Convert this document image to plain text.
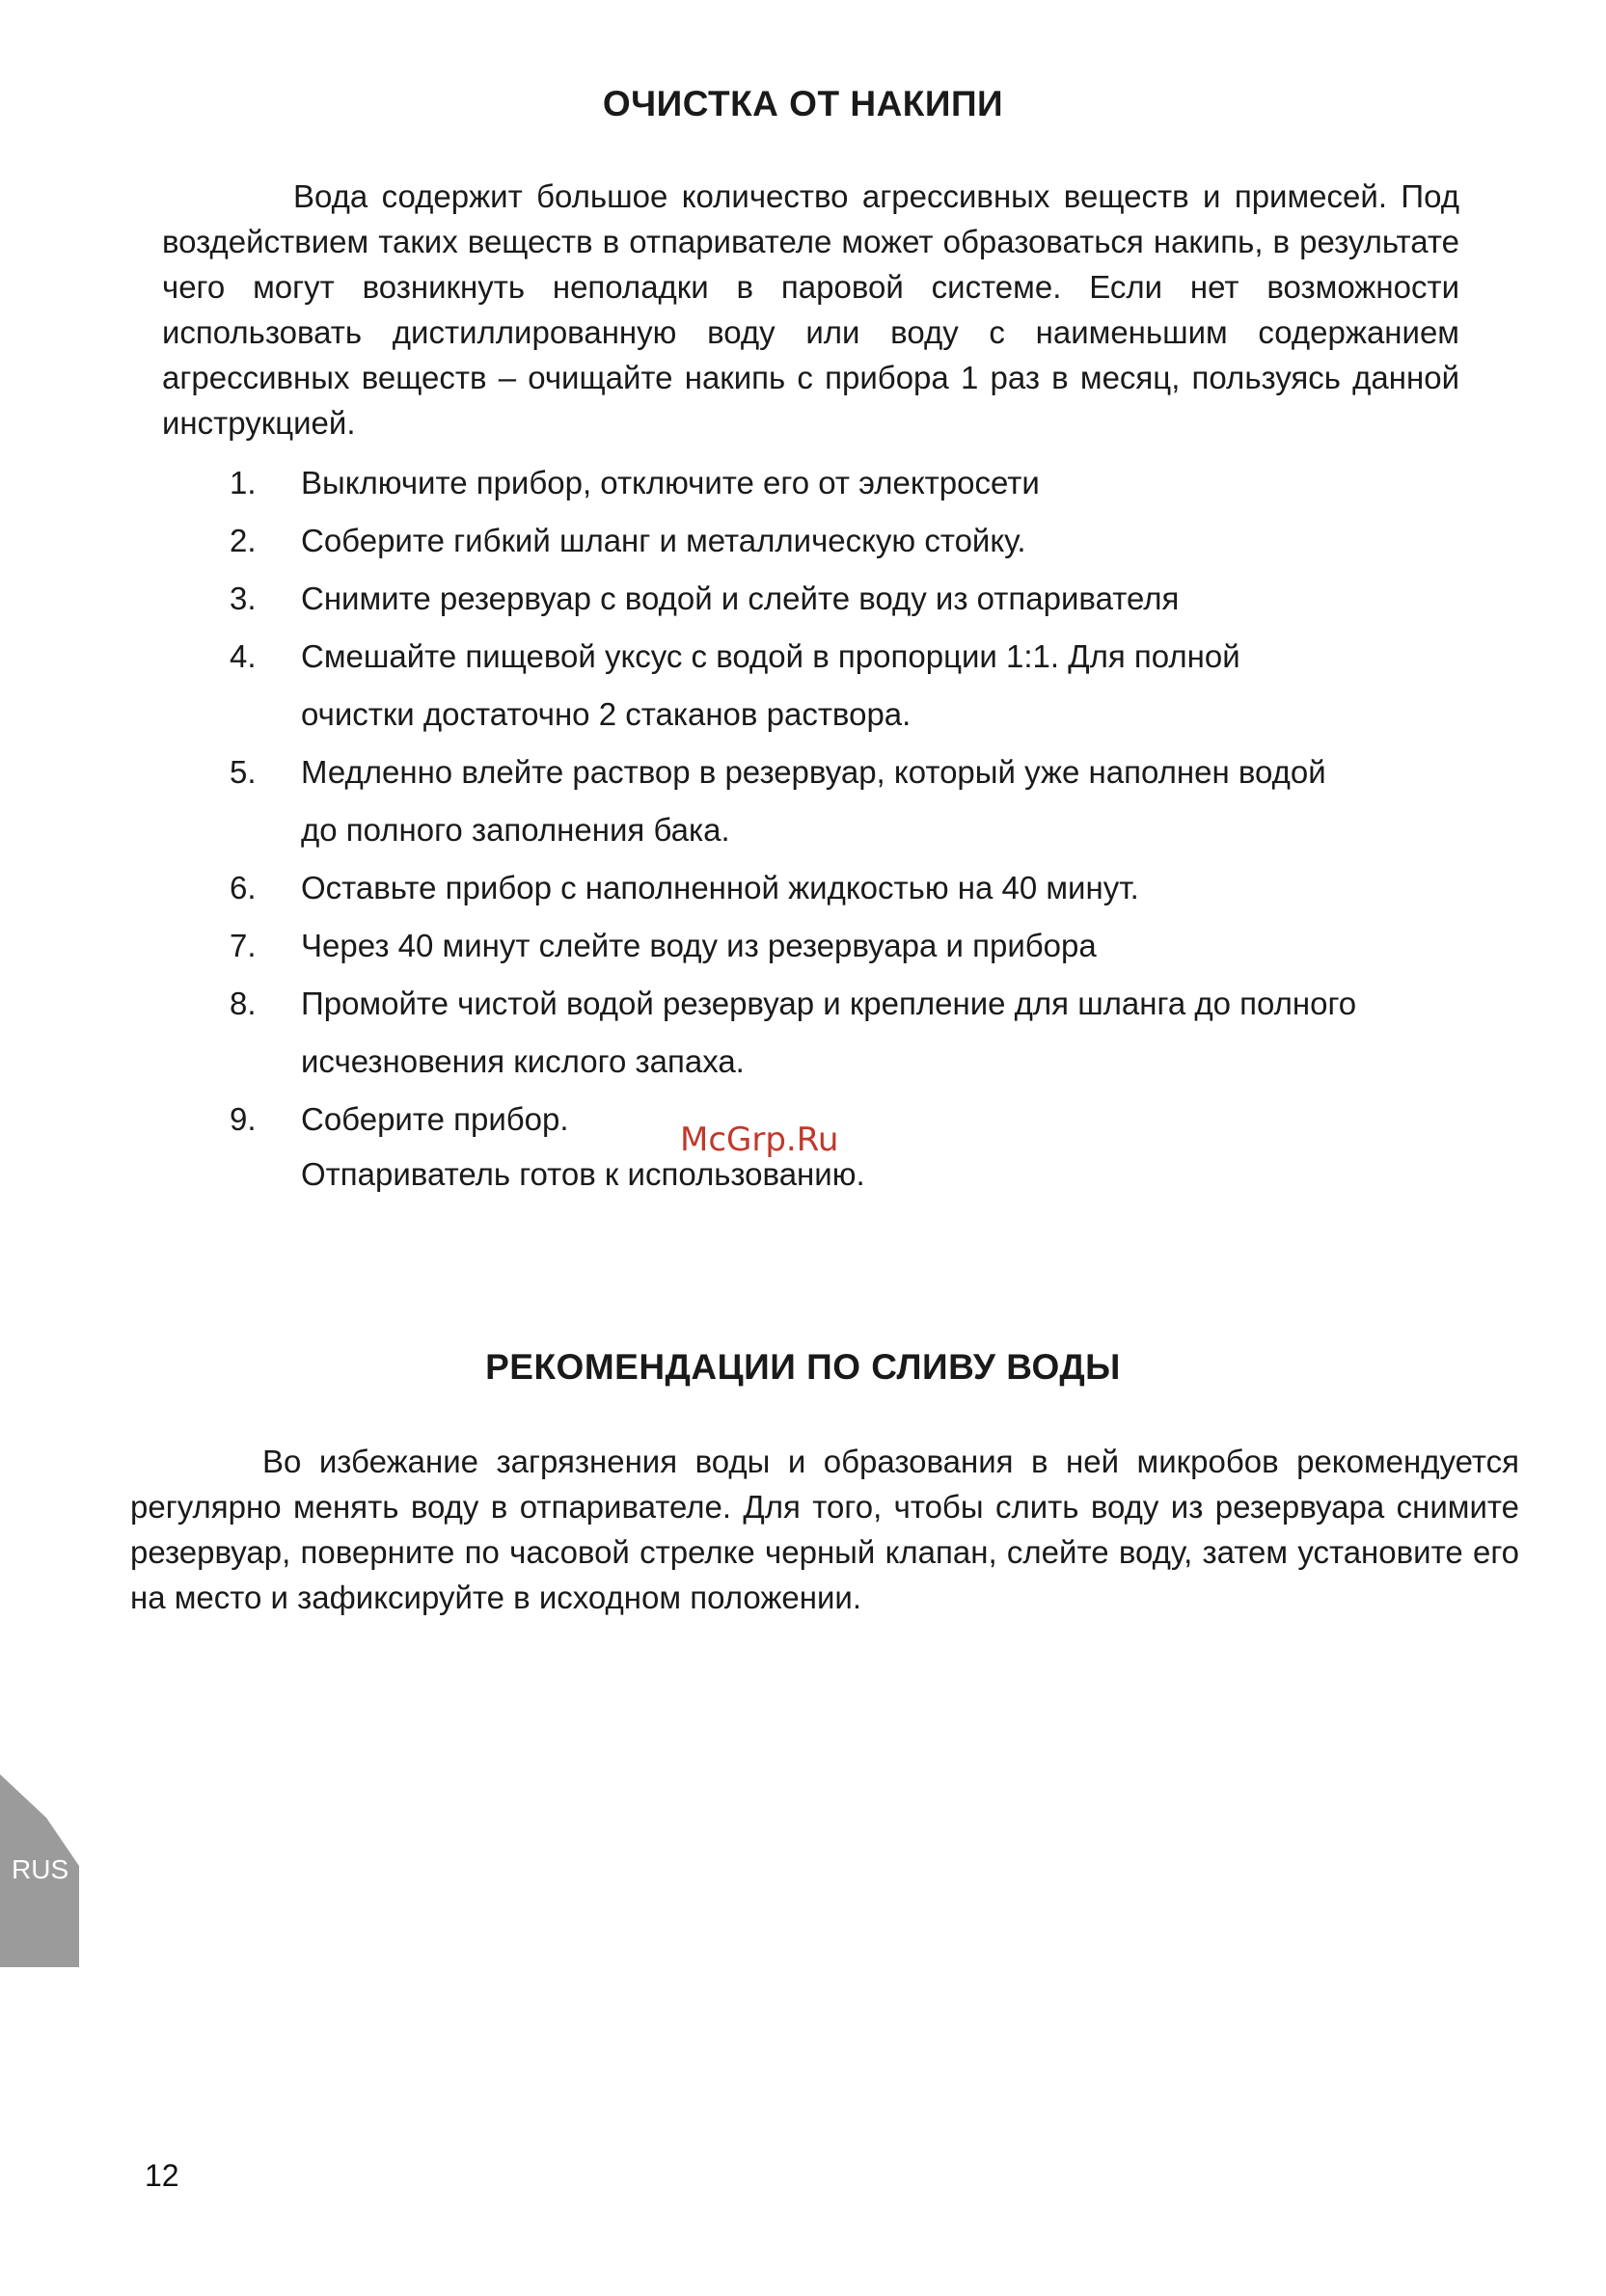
ОЧИСТКА ОТ НАКИПИ
Вода содержит большое количество агрессивных веществ и примесей. Под воздействием таких веществ в отпаривателе может образоваться накипь, в результате чего могут возникнуть неполадки в паровой системе. Если нет возможности использовать дистиллированную воду или воду с наименьшим содержанием агрессивных веществ – очищайте накипь с прибора 1 раз в месяц, пользуясь данной инструкцией.
1. Выключите прибор, отключите его от электросети
2. Соберите гибкий шланг и металлическую стойку.
3. Снимите резервуар с водой и слейте воду из отпаривателя
4. Смешайте пищевой уксус с водой в пропорции 1:1. Для полной
очистки достаточно 2 стаканов раствора.
5. Медленно влейте раствор в резервуар, который уже наполнен водой
до полного заполнения бака.
6. Оставьте прибор с наполненной жидкостью на 40 минут.
7. Через 40 минут слейте воду из резервуара и прибора
8. Промойте чистой водой резервуар и крепление для шланга до полного
исчезновения кислого запаха.
9. Соберите прибор.
Отпариватель готов к использованию.
McGrp.Ru
РЕКОМЕНДАЦИИ ПО СЛИВУ ВОДЫ
Во избежание загрязнения воды и образования в ней микробов рекомендуется регулярно менять воду в отпаривателе. Для того, чтобы слить воду из резервуара снимите резервуар, поверните по часовой стрелке черный клапан, слейте воду, затем установите его на место и зафиксируйте в исходном положении.
RUS
12
